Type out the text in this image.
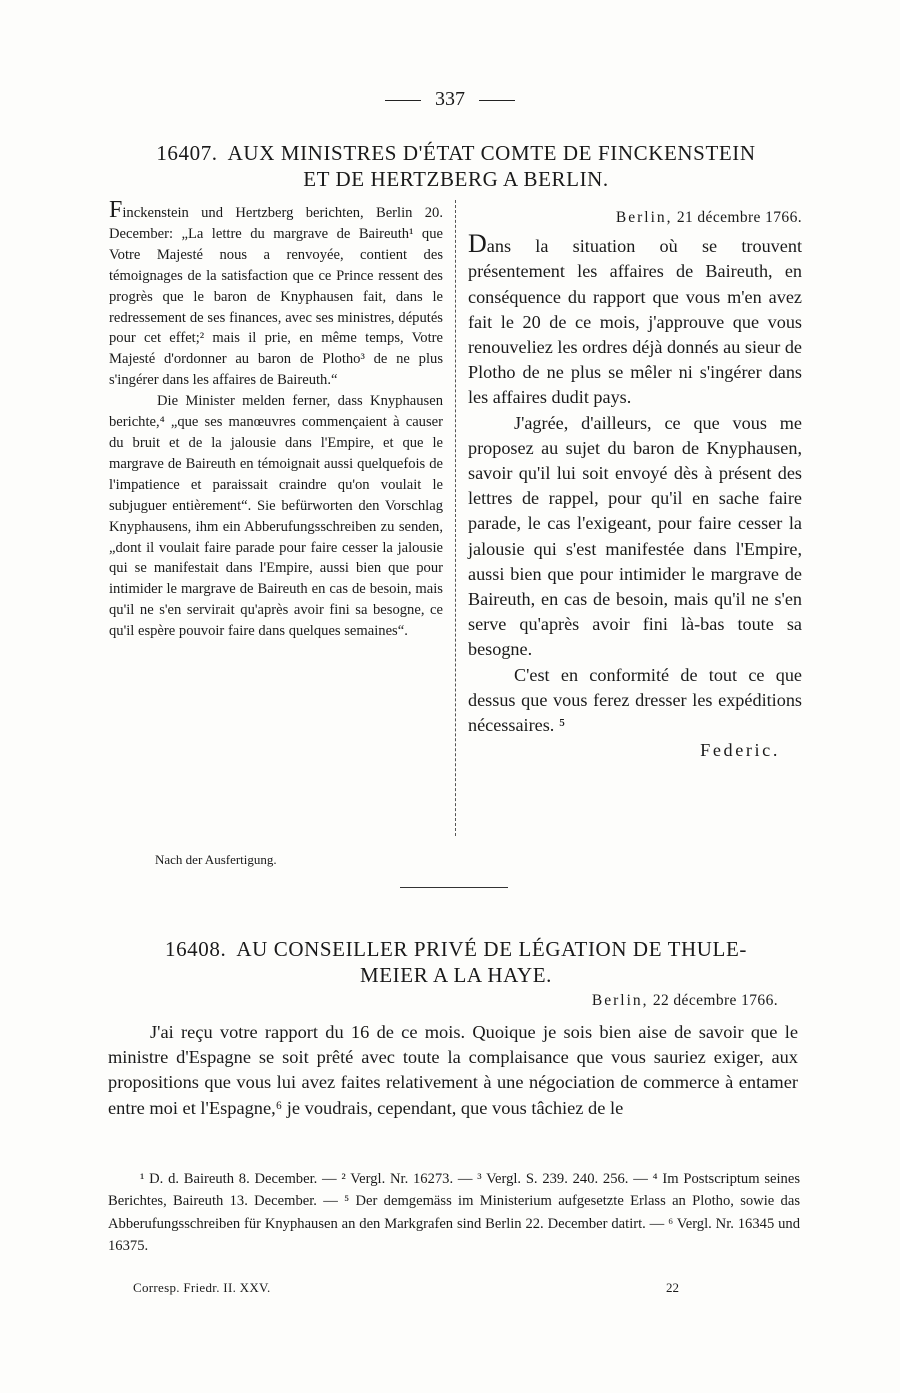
337
16407. AUX MINISTRES D'ÉTAT COMTE DE FINCKENSTEIN
ET DE HERTZBERG A BERLIN.

Finckenstein und Hertzberg berichten, Berlin 20. December: „La lettre du margrave de Baireuth¹ que Votre Majesté nous a renvoyée, contient des témoignages de la satisfaction que ce Prince ressent des progrès que le baron de Knyphausen fait, dans le redressement de ses finances, avec ses ministres, députés pour cet effet;² mais il prie, en même temps, Votre Majesté d'ordonner au baron de Plotho³ de ne plus s'ingérer dans les affaires de Baireuth.“

Die Minister melden ferner, dass Knyphausen berichte,⁴ „que ses manœuvres commençaient à causer du bruit et de la jalousie dans l'Empire, et que le margrave de Baireuth en témoignait aussi quelquefois de l'impatience et paraissait craindre qu'on voulait le subjuguer entièrement“. Sie befürworten den Vorschlag Knyphausens, ihm ein Abberufungsschreiben zu senden, „dont il voulait faire parade pour faire cesser la jalousie qui se manifestait dans l'Empire, aussi bien que pour intimider le margrave de Baireuth en cas de besoin, mais qu'il ne s'en servirait qu'après avoir fini sa besogne, ce qu'il espère pouvoir faire dans quelques semaines“.

Berlin, 21 décembre 1766.

Dans la situation où se trouvent présentement les affaires de Baireuth, en conséquence du rapport que vous m'en avez fait le 20 de ce mois, j'approuve que vous renouveliez les ordres déjà donnés au sieur de Plotho de ne plus se mêler ni s'ingérer dans les affaires dudit pays.

J'agrée, d'ailleurs, ce que vous me proposez au sujet du baron de Knyphausen, savoir qu'il lui soit envoyé dès à présent des lettres de rappel, pour qu'il en sache faire parade, le cas l'exigeant, pour faire cesser la jalousie qui s'est manifestée dans l'Empire, aussi bien que pour intimider le margrave de Baireuth, en cas de besoin, mais qu'il ne s'en serve qu'après avoir fini là-bas toute sa besogne.

C'est en conformité de tout ce que dessus que vous ferez dresser les expéditions nécessaires. ⁵

Federic.

Nach der Ausfertigung.
16408. AU CONSEILLER PRIVÉ DE LÉGATION DE THULE-
MEIER A LA HAYE.
Berlin, 22 décembre 1766.

J'ai reçu votre rapport du 16 de ce mois. Quoique je sois bien aise de savoir que le ministre d'Espagne se soit prêté avec toute la complaisance que vous sauriez exiger, aux propositions que vous lui avez faites relativement à une négociation de commerce à entamer entre moi et l'Espagne,⁶ je voudrais, cependant, que vous tâchiez de le

¹ D. d. Baireuth 8. December. — ² Vergl. Nr. 16273. — ³ Vergl. S. 239. 240. 256. — ⁴ Im Postscriptum seines Berichtes, Baireuth 13. December. — ⁵ Der demgemäss im Ministerium aufgesetzte Erlass an Plotho, sowie das Abberufungsschreiben für Knyphausen an den Markgrafen sind Berlin 22. December datirt. — ⁶ Vergl. Nr. 16345 und 16375.

Corresp. Friedr. II. XXV.	22
